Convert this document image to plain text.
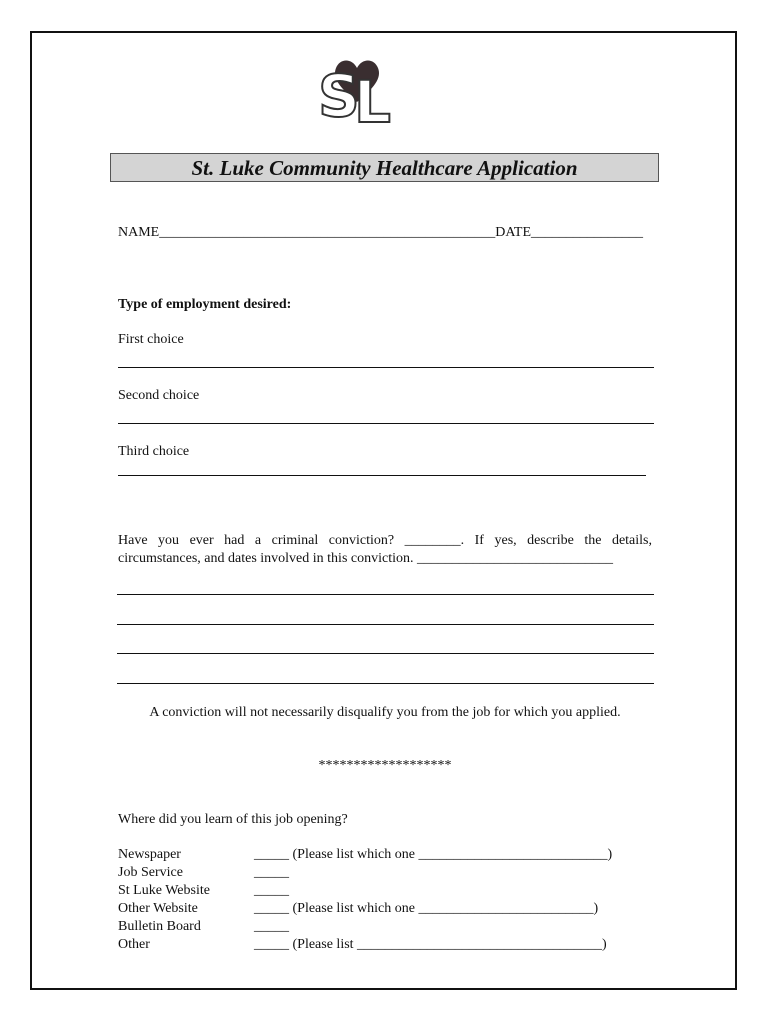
S
L
St. Luke Community Healthcare Application
NAME________________________________________________DATE________________
Type of employment desired:
First choice
Second choice
Third choice
Have you ever had a criminal conviction? ________. If yes, describe the details, circumstances, and dates involved in this conviction. ____________________________
A conviction will not necessarily disqualify you from the job for which you applied.
*******************
Where did you learn of this job opening?
Newspaper	_____ (Please list which one ___________________________)
Job Service	_____
St Luke Website	_____
Other Website	_____ (Please list which one _________________________)
Bulletin Board	_____
Other	_____ (Please list ___________________________________)
